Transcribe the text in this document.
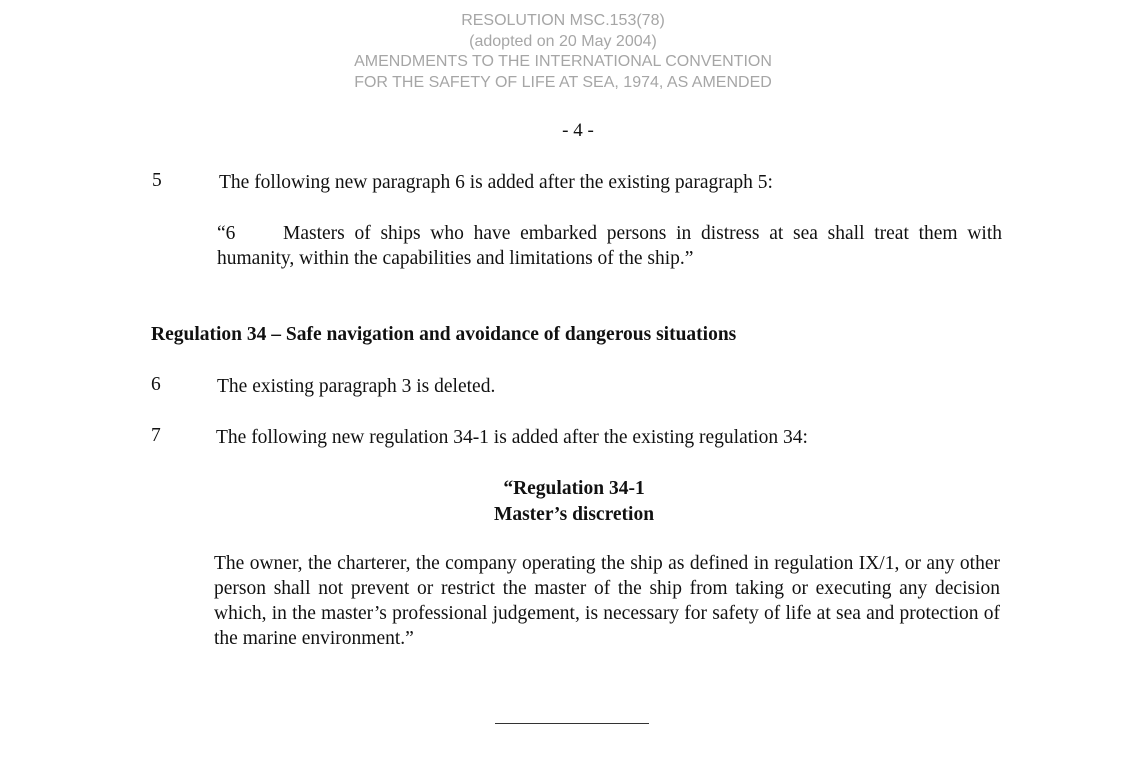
RESOLUTION MSC.153(78)
(adopted on 20 May 2004)
AMENDMENTS TO THE INTERNATIONAL CONVENTION
FOR THE SAFETY OF LIFE AT SEA, 1974, AS AMENDED
- 4 -
5	The following new paragraph 6 is added after the existing paragraph 5:
“6 Masters of ships who have embarked persons in distress at sea shall treat them with humanity, within the capabilities and limitations of the ship.”
Regulation 34 – Safe navigation and avoidance of dangerous situations
6	The existing paragraph 3 is deleted.
7	The following new regulation 34-1 is added after the existing regulation 34:
“Regulation 34-1
Master’s discretion
The owner, the charterer, the company operating the ship as defined in regulation IX/1, or any other person shall not prevent or restrict the master of the ship from taking or executing any decision which, in the master’s professional judgement, is necessary for safety of life at sea and protection of the marine environment.”
